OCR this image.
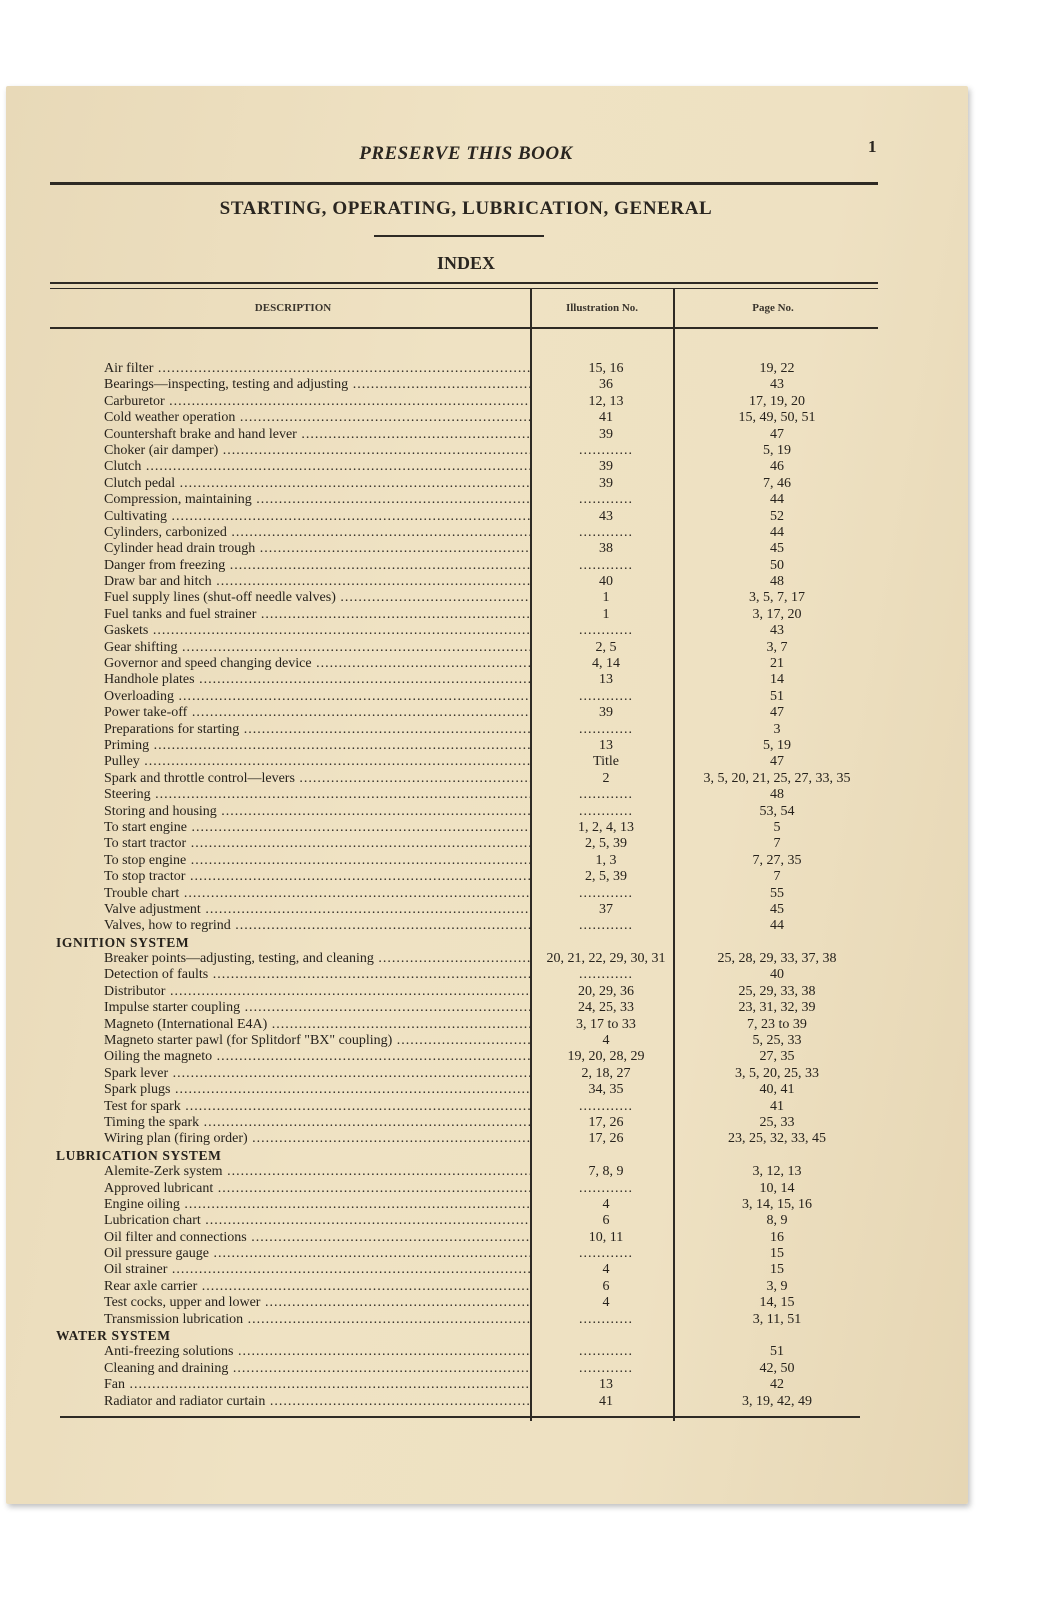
PRESERVE THIS BOOK	1
STARTING, OPERATING, LUBRICATION, GENERAL
INDEX
DESCRIPTION	Illustration No.	Page No.
Air filter .....	15, 16	19, 22
Bearings—inspecting, testing and adjusting .....	36	43
Carburetor .....	12, 13	17, 19, 20
Cold weather operation .....	41	15, 49, 50, 51
Countershaft brake and hand lever .....	39	47
Choker (air damper) .....	............	5, 19
Clutch .....	39	46
Clutch pedal .....	39	7, 46
Compression, maintaining .....	............	44
Cultivating .....	43	52
Cylinders, carbonized .....	............	44
Cylinder head drain trough .....	38	45
Danger from freezing .....	............	50
Draw bar and hitch .....	40	48
Fuel supply lines (shut-off needle valves) .....	1	3, 5, 7, 17
Fuel tanks and fuel strainer .....	1	3, 17, 20
Gaskets .....	............	43
Gear shifting .....	2, 5	3, 7
Governor and speed changing device .....	4, 14	21
Handhole plates .....	13	14
Overloading .....	............	51
Power take-off .....	39	47
Preparations for starting .....	............	3
Priming .....	13	5, 19
Pulley .....	Title	47
Spark and throttle control—levers .....	2	3, 5, 20, 21, 25, 27, 33, 35
Steering .....	............	48
Storing and housing .....	............	53, 54
To start engine .....	1, 2, 4, 13	5
To start tractor .....	2, 5, 39	7
To stop engine .....	1, 3	7, 27, 35
To stop tractor .....	2, 5, 39	7
Trouble chart .....	............	55
Valve adjustment .....	37	45
Valves, how to regrind .....	............	44
IGNITION SYSTEM
Breaker points—adjusting, testing, and cleaning .....	20, 21, 22, 29, 30, 31	25, 28, 29, 33, 37, 38
Detection of faults .....	............	40
Distributor .....	20, 29, 36	25, 29, 33, 38
Impulse starter coupling .....	24, 25, 33	23, 31, 32, 39
Magneto (International E4A) .....	3, 17 to 33	7, 23 to 39
Magneto starter pawl (for Splitdorf "BX" coupling) .....	4	5, 25, 33
Oiling the magneto .....	19, 20, 28, 29	27, 35
Spark lever .....	2, 18, 27	3, 5, 20, 25, 33
Spark plugs .....	34, 35	40, 41
Test for spark .....	............	41
Timing the spark .....	17, 26	25, 33
Wiring plan (firing order) .....	17, 26	23, 25, 32, 33, 45
LUBRICATION SYSTEM
Alemite-Zerk system .....	7, 8, 9	3, 12, 13
Approved lubricant .....	............	10, 14
Engine oiling .....	4	3, 14, 15, 16
Lubrication chart .....	6	8, 9
Oil filter and connections .....	10, 11	16
Oil pressure gauge .....	............	15
Oil strainer .....	4	15
Rear axle carrier .....	6	3, 9
Test cocks, upper and lower .....	4	14, 15
Transmission lubrication .....	............	3, 11, 51
WATER SYSTEM
Anti-freezing solutions .....	............	51
Cleaning and draining .....	............	42, 50
Fan .....	13	42
Radiator and radiator curtain .....	41	3, 19, 42, 49
